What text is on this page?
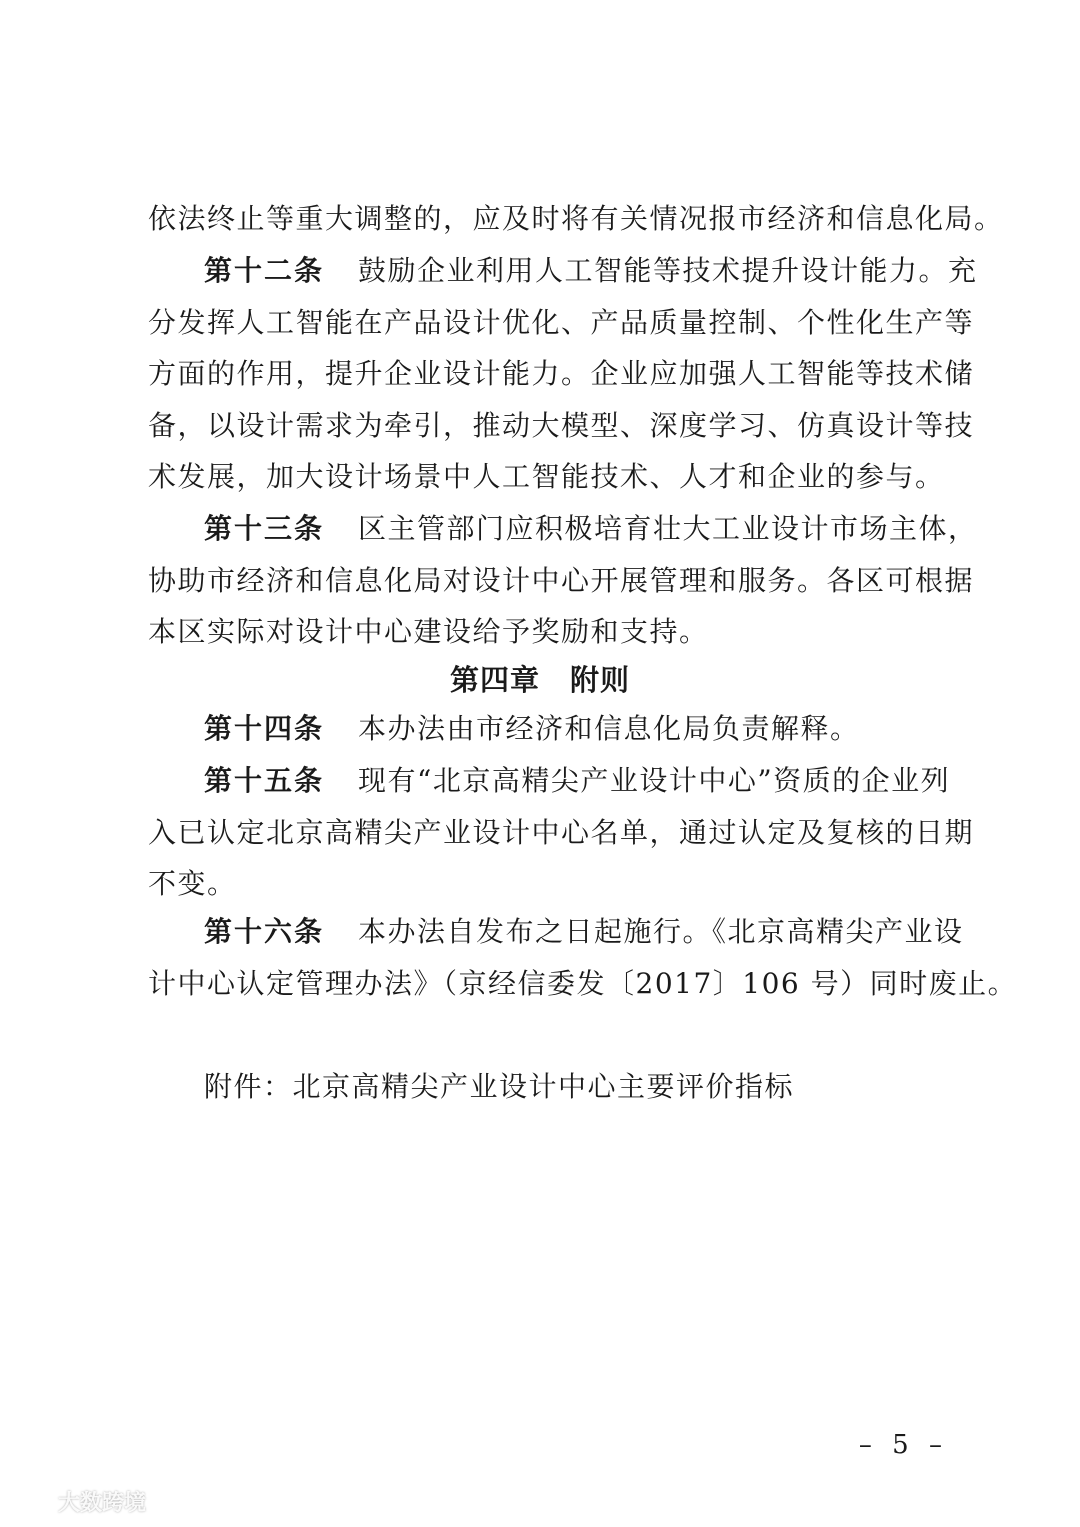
依法终止等重大调整的，应及时将有关情况报市经济和信息化局。
第十二条 鼓励企业利用人工智能等技术提升设计能力。充
分发挥人工智能在产品设计优化、产品质量控制、个性化生产等
方面的作用，提升企业设计能力。企业应加强人工智能等技术储
备，以设计需求为牵引，推动大模型、深度学习、仿真设计等技
术发展，加大设计场景中人工智能技术、人才和企业的参与。
第十三条 区主管部门应积极培育壮大工业设计市场主体，
协助市经济和信息化局对设计中心开展管理和服务。各区可根据
本区实际对设计中心建设给予奖励和支持。
第四章 附则
第十四条 本办法由市经济和信息化局负责解释。
第十五条 现有“北京高精尖产业设计中心”资质的企业列
入已认定北京高精尖产业设计中心名单，通过认定及复核的日期
不变。
第十六条 本办法自发布之日起施行。《北京高精尖产业设
计中心认定管理办法》（京经信委发〔2017〕106 号）同时废止。
附件：北京高精尖产业设计中心主要评价指标
– 5 –
大数跨境
